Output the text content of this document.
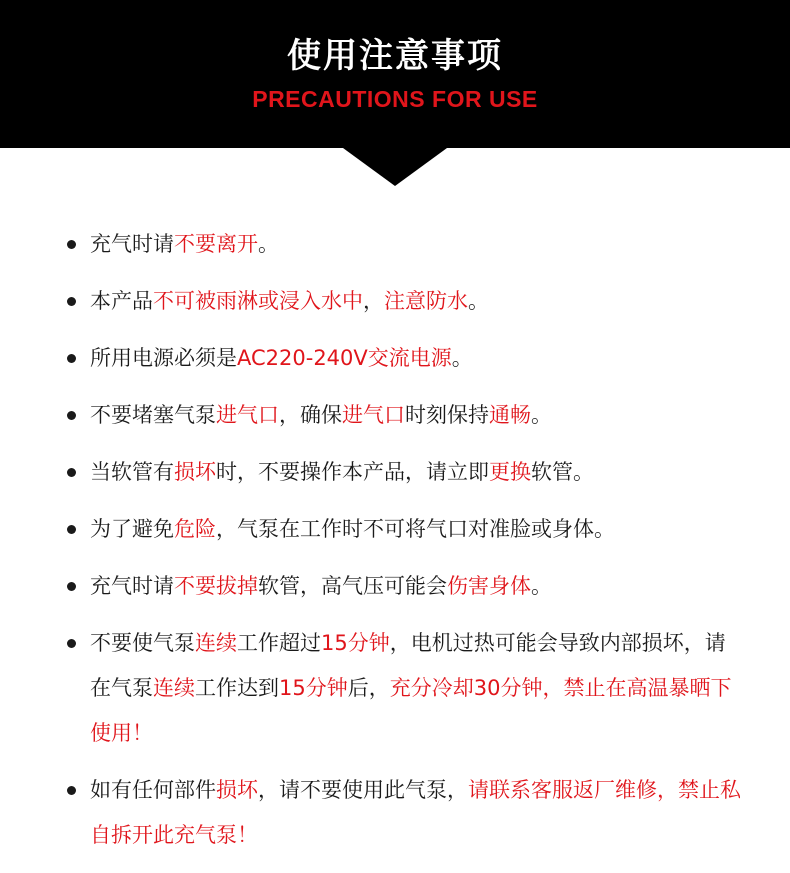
使用注意事项
PRECAUTIONS FOR USE
充气时请不要离开。
本产品不可被雨淋或浸入水中，注意防水。
所用电源必须是AC220-240V交流电源。
不要堵塞气泵进气口，确保进气口时刻保持通畅。
当软管有损坏时，不要操作本产品，请立即更换软管。
为了避免危险，气泵在工作时不可将气口对准脸或身体。
充气时请不要拔掉软管，高气压可能会伤害身体。
不要使气泵连续工作超过15分钟，电机过热可能会导致内部损坏，请在气泵连续工作达到15分钟后，充分冷却30分钟，禁止在高温暴晒下使用！
如有任何部件损坏，请不要使用此气泵，请联系客服返厂维修，禁止私自拆开此充气泵！
